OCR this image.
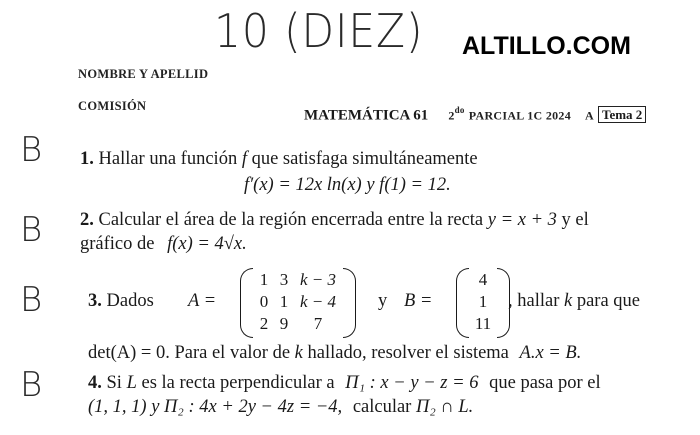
10 (DIEZ)
B
B
B
B
ALTILLO.COM
NOMBRE Y APELLID
COMISIÓN
MATEMÁTICA 61 $2^{do}$ PARCIAL 1C 2024 A Tema 2
1. Hallar una función f que satisfaga simultáneamente
f′(x) = 12x ln(x) y f(1) = 12.
2. Calcular el área de la región encerrada entre la recta y = x + 3 y el
gráfico de f(x) = 4√x.
3. Dados A =
1 3 k − 3
0 1 k − 4
2 9	7
y B =
4
1
11
, hallar k para que
det(A) = 0. Para el valor de k hallado, resolver el sistema A.x = B.
4. Si L es la recta perpendicular a Π₁ : x − y − z = 6 que pasa por el
(1, 1, 1) y Π₂ : 4x + 2y − 4z = −4, calcular Π₂ ∩ L.
